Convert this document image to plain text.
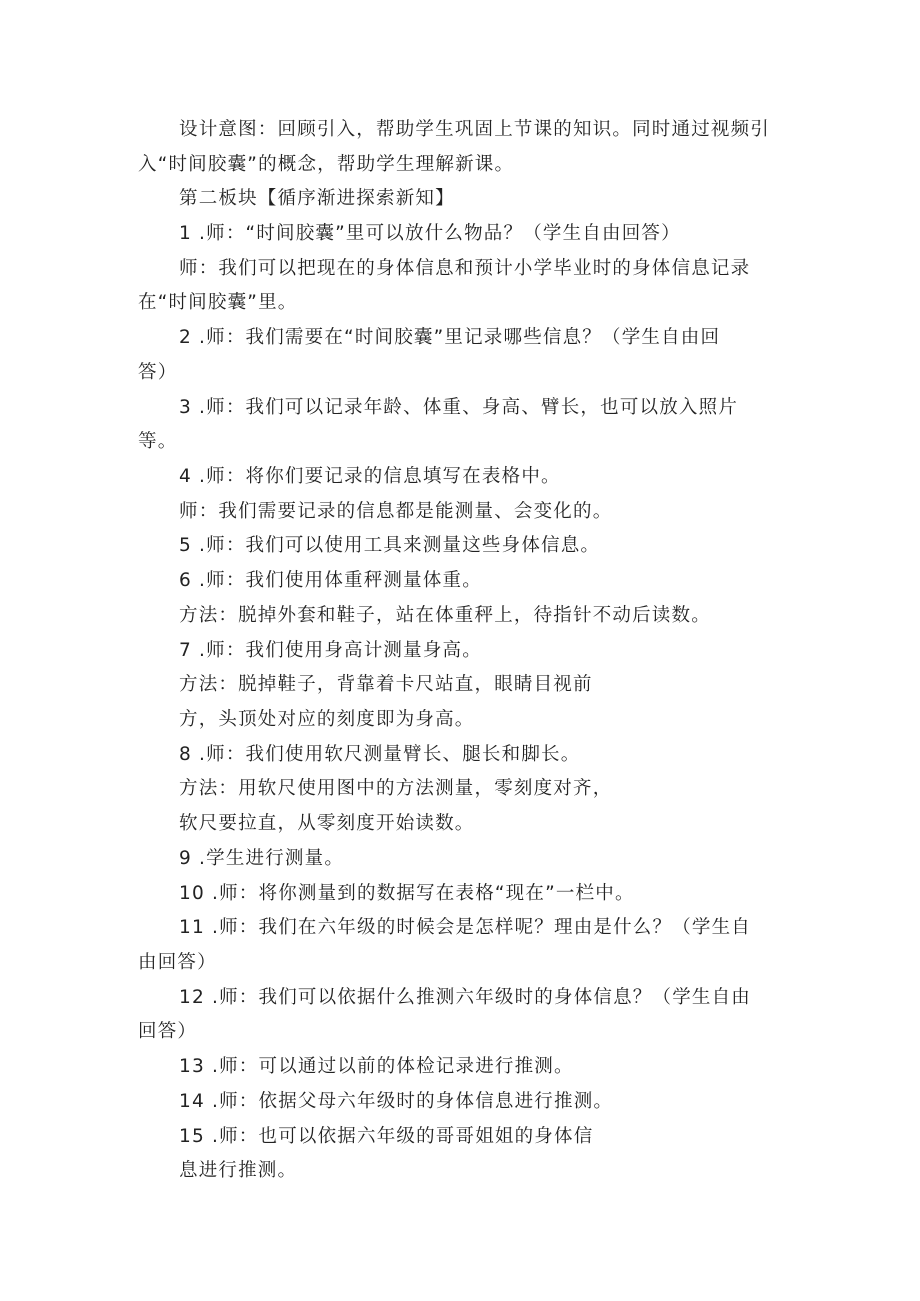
设计意图：回顾引入，帮助学生巩固上节课的知识。同时通过视频引
入“时间胶囊”的概念，帮助学生理解新课。
第二板块【循序渐进探索新知】
1 .师：“时间胶囊”里可以放什么物品？（学生自由回答）
师：我们可以把现在的身体信息和预计小学毕业时的身体信息记录
在“时间胶囊”里。
2 .师：我们需要在“时间胶囊”里记录哪些信息？（学生自由回
答）
3 .师：我们可以记录年龄、体重、身高、臂长，也可以放入照片
等。
4 .师：将你们要记录的信息填写在表格中。
师：我们需要记录的信息都是能测量、会变化的。
5 .师：我们可以使用工具来测量这些身体信息。
6 .师：我们使用体重秤测量体重。
方法：脱掉外套和鞋子，站在体重秤上，待指针不动后读数。
7 .师：我们使用身高计测量身高。
方法：脱掉鞋子，背靠着卡尺站直，眼睛目视前
方，头顶处对应的刻度即为身高。
8 .师：我们使用软尺测量臂长、腿长和脚长。
方法：用软尺使用图中的方法测量，零刻度对齐，
软尺要拉直，从零刻度开始读数。
9 .学生进行测量。
10 .师：将你测量到的数据写在表格“现在”一栏中。
11 .师：我们在六年级的时候会是怎样呢？理由是什么？（学生自
由回答）
12 .师：我们可以依据什么推测六年级时的身体信息？（学生自由
回答）
13 .师：可以通过以前的体检记录进行推测。
14 .师：依据父母六年级时的身体信息进行推测。
15 .师：也可以依据六年级的哥哥姐姐的身体信
息进行推测。
